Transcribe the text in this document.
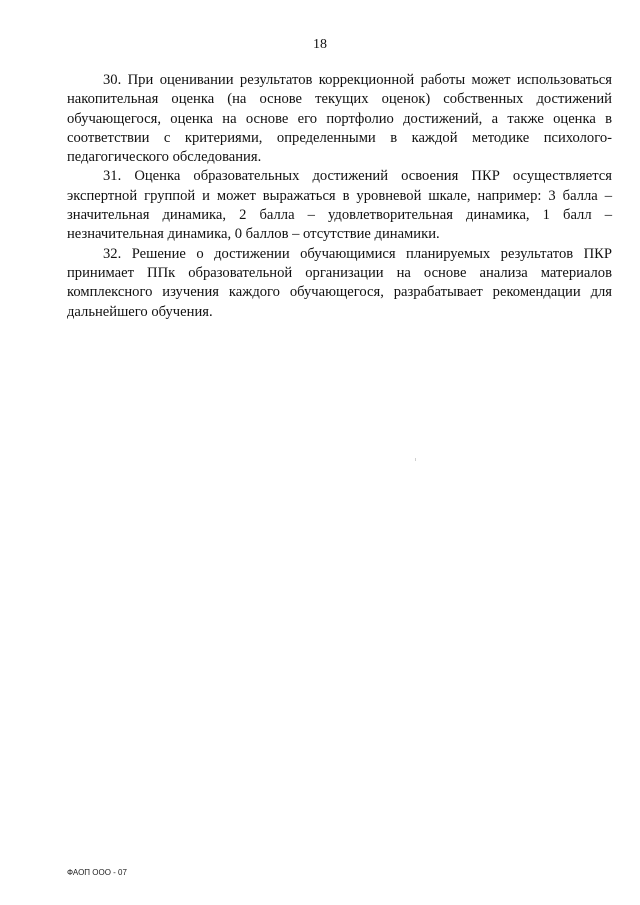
18

30. При оценивании результатов коррекционной работы может использоваться накопительная оценка (на основе текущих оценок) собственных достижений обучающегося, оценка на основе его портфолио достижений, а также оценка в соответствии с критериями, определенными в каждой методике психолого-педагогического обследования.

31. Оценка образовательных достижений освоения ПКР осуществляется экспертной группой и может выражаться в уровневой шкале, например: 3 балла – значительная динамика, 2 балла – удовлетворительная динамика, 1 балл – незначительная динамика, 0 баллов – отсутствие динамики.

32. Решение о достижении обучающимися планируемых результатов ПКР принимает ППк образовательной организации на основе анализа материалов комплексного изучения каждого обучающегося, разрабатывает рекомендации для дальнейшего обучения.

ФАОП ООО - 07
